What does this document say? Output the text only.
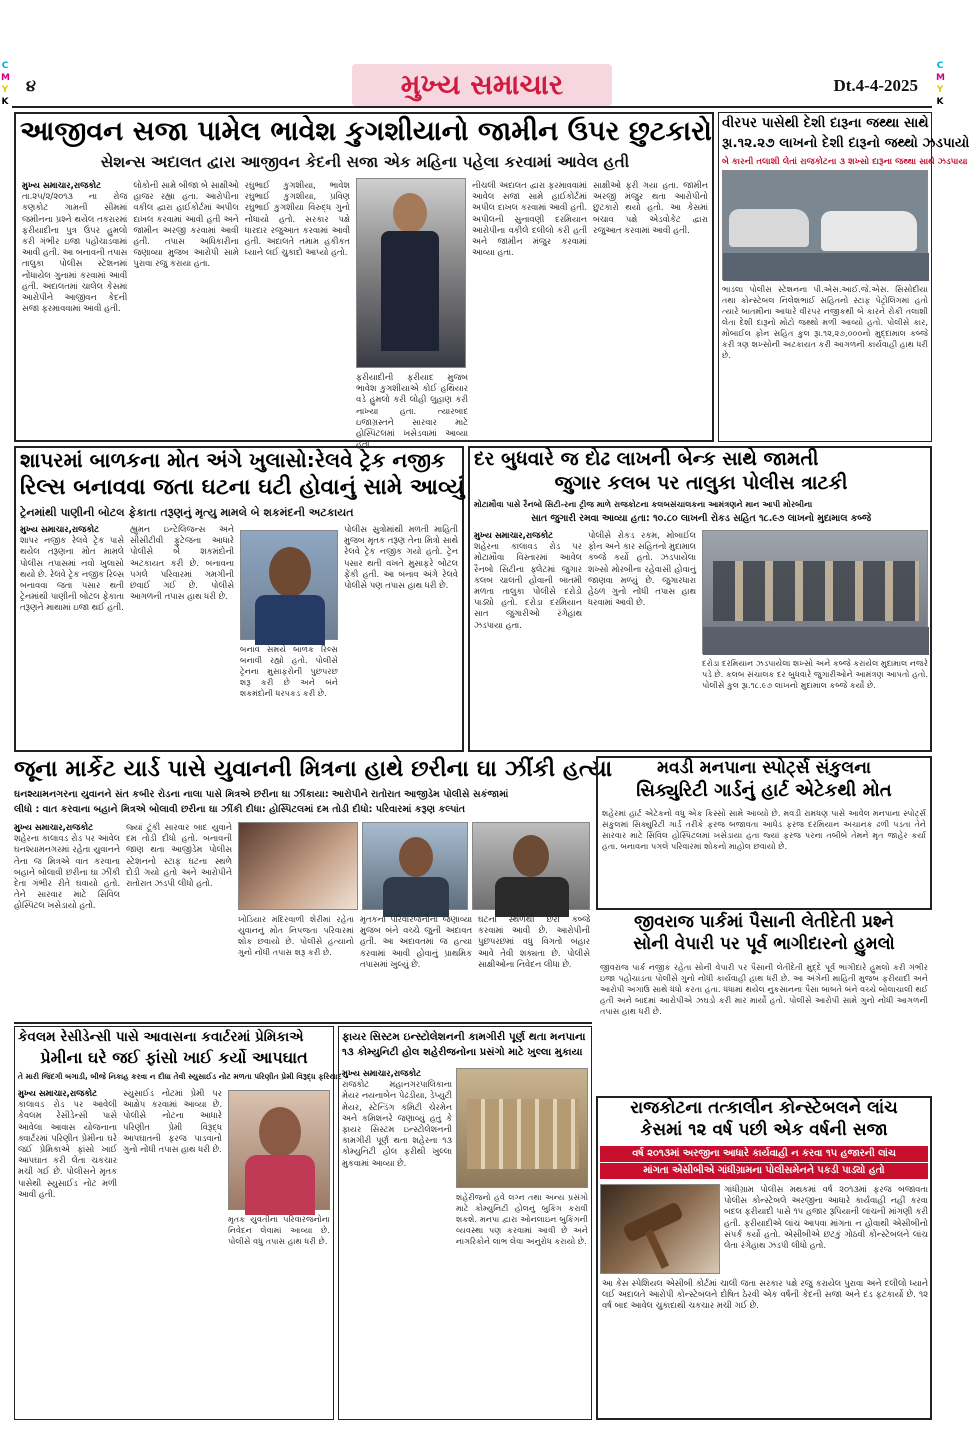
C
M
Y
K
C
M
Y
K
૪	મુખ્ય સમાચાર	Dt.4-4-2025
આજીવન સજા પામેલ ભાવેશ કુગશીયાનો જામીન ઉપર છુટકારો
સેશન્સ અદાલત દ્વારા આજીવન કેદની સજા એક મહિના પહેલા કરવામાં આવેલ હતી
મુખ્ય સમાચાર,રાજકોટ
તા.૨૫/૨/૨૦૧૩ ના રોજ કણકોટ ગામની સીમમાં જમીનના પ્રશ્ને થયેલ તકરારમાં ફરીયાદીના પુત્ર ઉપર હુમલો કરી ગંભીર ઇજા પહોંચાડવામાં આવી હતી. આ બનાવની તપાસ તાલુકા પોલીસ સ્ટેશનમાં નોંધાયેલ ગુનામાં કરવામાં આવી હતી. અદાલતમાં ચાલેલ કેસમાં આરોપીને આજીવન કેદની સજા ફરમાવવામાં આવી હતી.
લોકોની સામે બીજા બે સાક્ષીઓ હાજર રહ્યા હતા. આરોપીના વકીલ દ્વારા હાઈકોર્ટમાં અપીલ દાખલ કરવામાં આવી હતી અને જામીન અરજી કરવામાં આવી હતી. તપાસ અધિકારીના જણાવ્યા મુજબ આરોપી સામે પુરાવા રજુ કરાયા હતા.
રઘુભાઈ કુગશીયા, ભાવેશ રઘુભાઈ કુગશીયા, પ્રવિણ રઘુભાઈ કુગશીયા વિરુદ્ધ ગુનો નોંધાયો હતો. સરકાર પક્ષે ધારદાર રજુઆત કરવામાં આવી હતી. અદાલતે તમામ હકીકત ધ્યાને લઈ ચુકાદો આપ્યો હતો.
ફરીયાદીની ફરીયાદ મુજબ ભાવેશ કુગશીયાએ કોઈ હથિયાર વડે હુમલો કરી લોહી લુહાણ કરી નાખ્યા હતા. ત્યારબાદ ઇજાગ્રસ્તને સારવાર માટે હોસ્પિટલમાં ખસેડવામાં આવ્યા હતા.
નીચલી અદાલત દ્વારા ફરમાવવામાં આવેલ સજા સામે હાઈકોર્ટમાં અપીલ દાખલ કરવામાં આવી હતી. અપીલની સુનાવણી દરમિયાન આરોપીના વકીલે દલીલો કરી હતી અને જામીન મંજુર કરવામાં આવ્યા હતા.
સાક્ષીઓ ફરી ગયા હતા. જામીન અરજી મંજુર થતા આરોપીનો છુટકારો થયો હતો. આ કેસમાં બચાવ પક્ષે એડવોકેટ દ્વારા રજુઆત કરવામાં આવી હતી.
વીરપર પાસેથી દેશી દારૂના જથ્થા સાથે
રૂા.૧૨.૨૭ લાખનો દેશી દારૂનો જથ્થો ઝડપાયો
બે કારની તલાશી લેતાં રાજકોટના ૩ શખ્સો દારૂના જથ્થા સાથે ઝડપાયા
ભાડલા પોલીસ સ્ટેશનના પી.એસ.આઈ.જે.એસ. સિસોદીયા તથા કોન્સ્ટેબલ નિલેશભાઈ સહિતનો સ્ટાફ પેટ્રોલિંગમાં હતો ત્યારે બાતમીના આધારે વીરપર નજીકથી બે કારને રોકી તલાશી લેતા દેશી દારૂનો મોટો જથ્થો મળી આવ્યો હતો. પોલીસે કાર, મોબાઈલ ફોન સહિત કુલ રૂા.૧૨,૨૭,૦૦૦નો મુદ્દામાલ કબ્જે કરી ત્રણ શખ્સોની અટકાયત કરી આગળની કાર્યવાહી હાથ ધરી છે.
શાપરમાં બાળકના મોત અંગે ખુલાસો:રેલવે ટ્રેક નજીક
રિલ્સ બનાવવા જતા ઘટના ઘટી હોવાનું સામે આવ્યું
ટ્રેનમાંથી પાણીની બોટલ ફેકાતા તરૂણનું મૃત્યુ મામલે બે શકમંદની અટકાયત
મુખ્ય સમાચાર,રાજકોટ
શાપર નજીક રેલવે ટ્રેક પાસે થયેલ તરૂણના મોત મામલે પોલીસ તપાસમાં નવો ખુલાસો થયો છે. રેલવે ટ્રેક નજીક રિલ્સ બનાવવા જતા પસાર થતી ટ્રેનમાંથી પાણીની બોટલ ફેકાતા તરૂણને માથામાં ઇજા થઈ હતી.
હ્યુમન ઇન્ટેલિજન્સ અને સીસીટીવી ફુટેજના આધારે પોલીસે બે શકમંદોની અટકાયત કરી છે. બનાવના પગલે પરિવારમાં ગમગીની છવાઈ ગઈ છે. પોલીસે આગળની તપાસ હાથ ધરી છે.
બનાવ સમયે બાળક રિલ્સ બનાવી રહ્યો હતો. પોલીસે ટ્રેનના મુસાફરોની પુછપરછ શરૂ કરી છે અને બંને શકમંદોની ધરપકડ કરી છે.
પોલીસ સુત્રોમાંથી મળતી માહિતી મુજબ મૃતક તરૂણ તેના મિત્રો સાથે રેલવે ટ્રેક નજીક ગયો હતો. ટ્રેન પસાર થતી વખતે મુસાફરે બોટલ ફેંકી હતી. આ બનાવ અંગે રેલવે પોલીસે પણ તપાસ હાથ ધરી છે.
દર બુધવારે જ દોઢ લાખની બેન્ક સાથે જામતી
જુગાર કલબ પર તાલુકા પોલીસ ત્રાટકી
મોટામૌવા પાસે રૈનબો સિટી-રના ટ્રીજ માળે રાજકોટના કલબસંચાલકના આમંત્રણને માન આપી મોરબીના
સાત જુગારી રમવા આવ્યા હતા: ૧૦.૮૦ લાખની રોકડ સહિત ૧૮.૯૭ લાખનો મુદામાલ કબ્જે
મુખ્ય સમાચાર,રાજકોટ
શહેરના કાલાવડ રોડ પર મોટામૌવા વિસ્તારમાં આવેલ રૈનબો સિટીના ફ્લેટમાં જુગાર કલબ ચાલતી હોવાની બાતમી મળતા તાલુકા પોલીસે દરોડો પાડ્યો હતો. દરોડા દરમિયાન સાત જુગારીઓ રંગેહાથ ઝડપાયા હતા.
પોલીસે રોકડ રકમ, મોબાઈલ ફોન અને કાર સહિતનો મુદામાલ કબ્જે કર્યો હતો. ઝડપાયેલા શખ્સો મોરબીના રહેવાસી હોવાનું જાણવા મળ્યું છે. જુગારધારા હેઠળ ગુનો નોંધી તપાસ હાથ ધરવામાં આવી છે.
દરોડા દરમિયાન ઝડપાયેલા શખ્સો અને કબ્જે કરાયેલ મુદામાલ નજરે પડે છે. કલબ સંચાલક દર બુધવારે જુગારીઓને આમંત્રણ આપતો હતો. પોલીસે કુલ રૂા.૧૮.૯૭ લાખનો મુદામાલ કબ્જે કર્યો છે.
જૂના માર્કેટ યાર્ડ પાસે યુવાનની મિત્રના હાથે છરીના ઘા ઝીંકી હત્યા
ઘનશ્યામનગરના યુવાનને સંત કબીર રોડના નાલા પાસે મિત્રએ છરીના ઘા ઝીંકાયા: આરોપીને રાતોરાત આજીડેમ પોલીસે સકંજામાં
લીધો : વાત કરવાના બહાને મિત્રએ બોલાવી છરીના ઘા ઝીંકી દીધા: હોસ્પિટલમાં દમ તોડી દીધો: પરિવારમાં કરૂણ કલ્પાંત
મુખ્ય સમાચાર,રાજકોટ
શહેરના કાલાવડ રોડ પર આવેલ ઘનશ્યામનગરમાં રહેતા યુવાનને તેના જ મિત્રએ વાત કરવાના બહાને બોલાવી છરીના ઘા ઝીંકી દેતા ગંભીર રીતે ઘવાયો હતો. તેને સારવાર માટે સિવિલ હોસ્પિટલ ખસેડાયો હતો.
જ્યાં ટૂંકી સારવાર બાદ યુવાને દમ તોડી દીધો હતો. બનાવની જાણ થતા આજીડેમ પોલીસ સ્ટેશનનો સ્ટાફ ઘટના સ્થળે દોડી ગયો હતો અને આરોપીને રાતોરાત ઝડપી લીધો હતો.
ખોડિયાર મંદિરવાળી શેરીમાં રહેતા યુવાનનું મોત નિપજતા પરિવારમાં શોક છવાયો છે. પોલીસે હત્યાનો ગુનો નોંધી તપાસ શરૂ કરી છે.
મૃતકના પરિવારજનોના જણાવ્યા મુજબ બંને વચ્ચે જુની અદાવત હતી. આ અદાવતમાં જ હત્યા કરવામાં આવી હોવાનું પ્રાથમિક તપાસમાં ખુલ્યું છે.
ઘટના સ્થળેથી છરી કબ્જે કરવામાં આવી છે. આરોપીની પુછપરછમાં વધુ વિગતો બહાર આવે તેવી શક્યતા છે. પોલીસે સાક્ષીઓના નિવેદન લીધા છે.
મવડી મનપાના સ્પોર્ટ્સ સંકુલના
સિક્યુરિટી ગાર્ડનું હાર્ટ એટેકથી મોત
શહેરમાં હાર્ટ એટેકનો વધુ એક કિસ્સો સામે આવ્યો છે. મવડી રામધણ પાસે આવેલ મનપાના સ્પોર્ટ્સ સંકુલમાં સિક્યુરિટી ગાર્ડ તરીકે ફરજ બજાવતા આધેડ ફરજ દરમિયાન અચાનક ઢળી પડતા તેને સારવાર માટે સિવિલ હોસ્પિટલમાં ખસેડાયા હતા જ્યાં ફરજ પરના તબીબે તેમને મૃત જાહેર કર્યા હતા. બનાવના પગલે પરિવારમાં શોકનો માહોલ છવાયો છે.
જીવરાજ પાર્કમાં પૈસાની લેતીદેતી પ્રશ્ને
સોની વેપારી પર પૂર્વ ભાગીદારનો હુમલો
જીવરાજ પાર્ક નજીક રહેતા સોની વેપારી પર પૈસાની લેતીદેતી મુદ્દે પૂર્વ ભાગીદારે હુમલો કરી ગંભીર ઇજા પહોંચાડતા પોલીસે ગુનો નોંધી કાર્યવાહી હાથ ધરી છે. આ અંગેની માહિતી મુજબ ફરીયાદી અને આરોપી અગાઉ સાથે ધંધો કરતા હતા. ધંધામાં થયેલ નુકસાનના પૈસા બાબતે બંને વચ્ચે બોલાચાલી થઈ હતી અને બાદમાં આરોપીએ ઝઘડો કરી માર માર્યો હતો. પોલીસે આરોપી સામે ગુનો નોંધી આગળની તપાસ હાથ ધરી છે.
રાજકોટના તત્કાલીન કોન્સ્ટેબલને લાંચ
કેસમાં ૧૨ વર્ષ પછી એક વર્ષની સજા
વર્ષ ૨૦૧૩માં અરજીના આધારે કાર્યવાહી ન કરવા ૧૫ હજારની લાંચ
માંગતા એસીબીએ ગાંધીગ્રામના પોલીસમેનને પકડી પાડ્યો હતો
ગાંધીગ્રામ પોલીસ મથકમાં વર્ષ ૨૦૧૩માં ફરજ બજાવતા પોલીસ કોન્સ્ટેબલે અરજીના આધારે કાર્યવાહી નહીં કરવા બદલ ફરીયાદી પાસે ૧૫ હજાર રૂપિયાની લાંચની માંગણી કરી હતી. ફરીયાદીએ લાંચ આપવા માંગતા ન હોવાથી એસીબીનો સંપર્ક કર્યો હતો. એસીબીએ છટકું ગોઠવી કોન્સ્ટેબલને લાંચ લેતા રંગેહાથ ઝડપી લીધો હતો.
આ કેસ સ્પેશિયલ એસીબી કોર્ટમાં ચાલી જતા સરકાર પક્ષે રજુ કરાયેલ પુરાવા અને દલીલો ધ્યાને લઈ અદાલતે આરોપી કોન્સ્ટેબલને દોષિત ઠેરવી એક વર્ષની કેદની સજા અને દંડ ફટકાર્યો છે. ૧૨ વર્ષ બાદ આવેલ ચુકાદાથી ચકચાર મચી ગઈ છે.
કેવલમ રેસીડેન્સી પાસે આવાસના કવાર્ટરમાં પ્રેમિકાએ
પ્રેમીના ઘરે જઈ ફાંસો ખાઈ કર્યો આપઘાત
તે મારી જિંદગી બગાડી, બીજે નિકાહ કરવા ન દીધા તેવી સ્યુસાઈડ નોટ મળતા પરિણીત પ્રેમી વિરૂદ્ધ ફરિયાદ
મુખ્ય સમાચાર,રાજકોટ
કાલાવડ રોડ પર આવેલી કેવલમ રેસીડેન્સી પાસે આવેલા આવાસ યોજનાના ક્વાર્ટરમાં પરિણીત પ્રેમીના ઘરે જઈ પ્રેમિકાએ ફાંસો ખાઈ આપઘાત કરી લેતા ચકચાર મચી ગઈ છે. પોલીસને મૃતક પાસેથી સ્યુસાઈડ નોટ મળી આવી હતી.
સ્યુસાઈડ નોટમાં પ્રેમી પર આક્ષેપ કરવામાં આવ્યા છે. પોલીસે નોટના આધારે પરિણીત પ્રેમી વિરૂદ્ધ આપઘાતની ફરજ પાડવાનો ગુનો નોંધી તપાસ હાથ ધરી છે.
મૃતક યુવતીના પરિવારજનોના નિવેદન લેવામાં આવ્યા છે. પોલીસે વધુ તપાસ હાથ ધરી છે.
ફાયર સિસ્ટમ ઇન્સ્ટોલેશનની કામગીરી પૂર્ણ થતા મનપાના
૧૩ કોમ્યુનિટી હોલ શહેરીજનોના પ્રસંગો માટે ખુલ્લા મુકાયા
મુખ્ય સમાચાર,રાજકોટ
રાજકોટ મહાનગરપાલિકાના મેયર નયનાબેન પેઢડીયા, ડેપ્યુટી મેયર, સ્ટેન્ડિંગ કમિટી ચેરમેન અને કમિશનરે જણાવ્યું હતું કે ફાયર સિસ્ટમ ઇન્સ્ટોલેશનની કામગીરી પૂર્ણ થતા શહેરના ૧૩ કોમ્યુનિટી હોલ ફરીથી ખુલ્લા મુકવામાં આવ્યા છે.
શહેરીજનો હવે લગ્ન તથા અન્ય પ્રસંગો માટે કોમ્યુનિટી હોલનું બુકિંગ કરાવી શકશે. મનપા દ્વારા ઓનલાઇન બુકિંગની વ્યવસ્થા પણ કરવામાં આવી છે અને નાગરિકોને લાભ લેવા અનુરોધ કરાયો છે.
